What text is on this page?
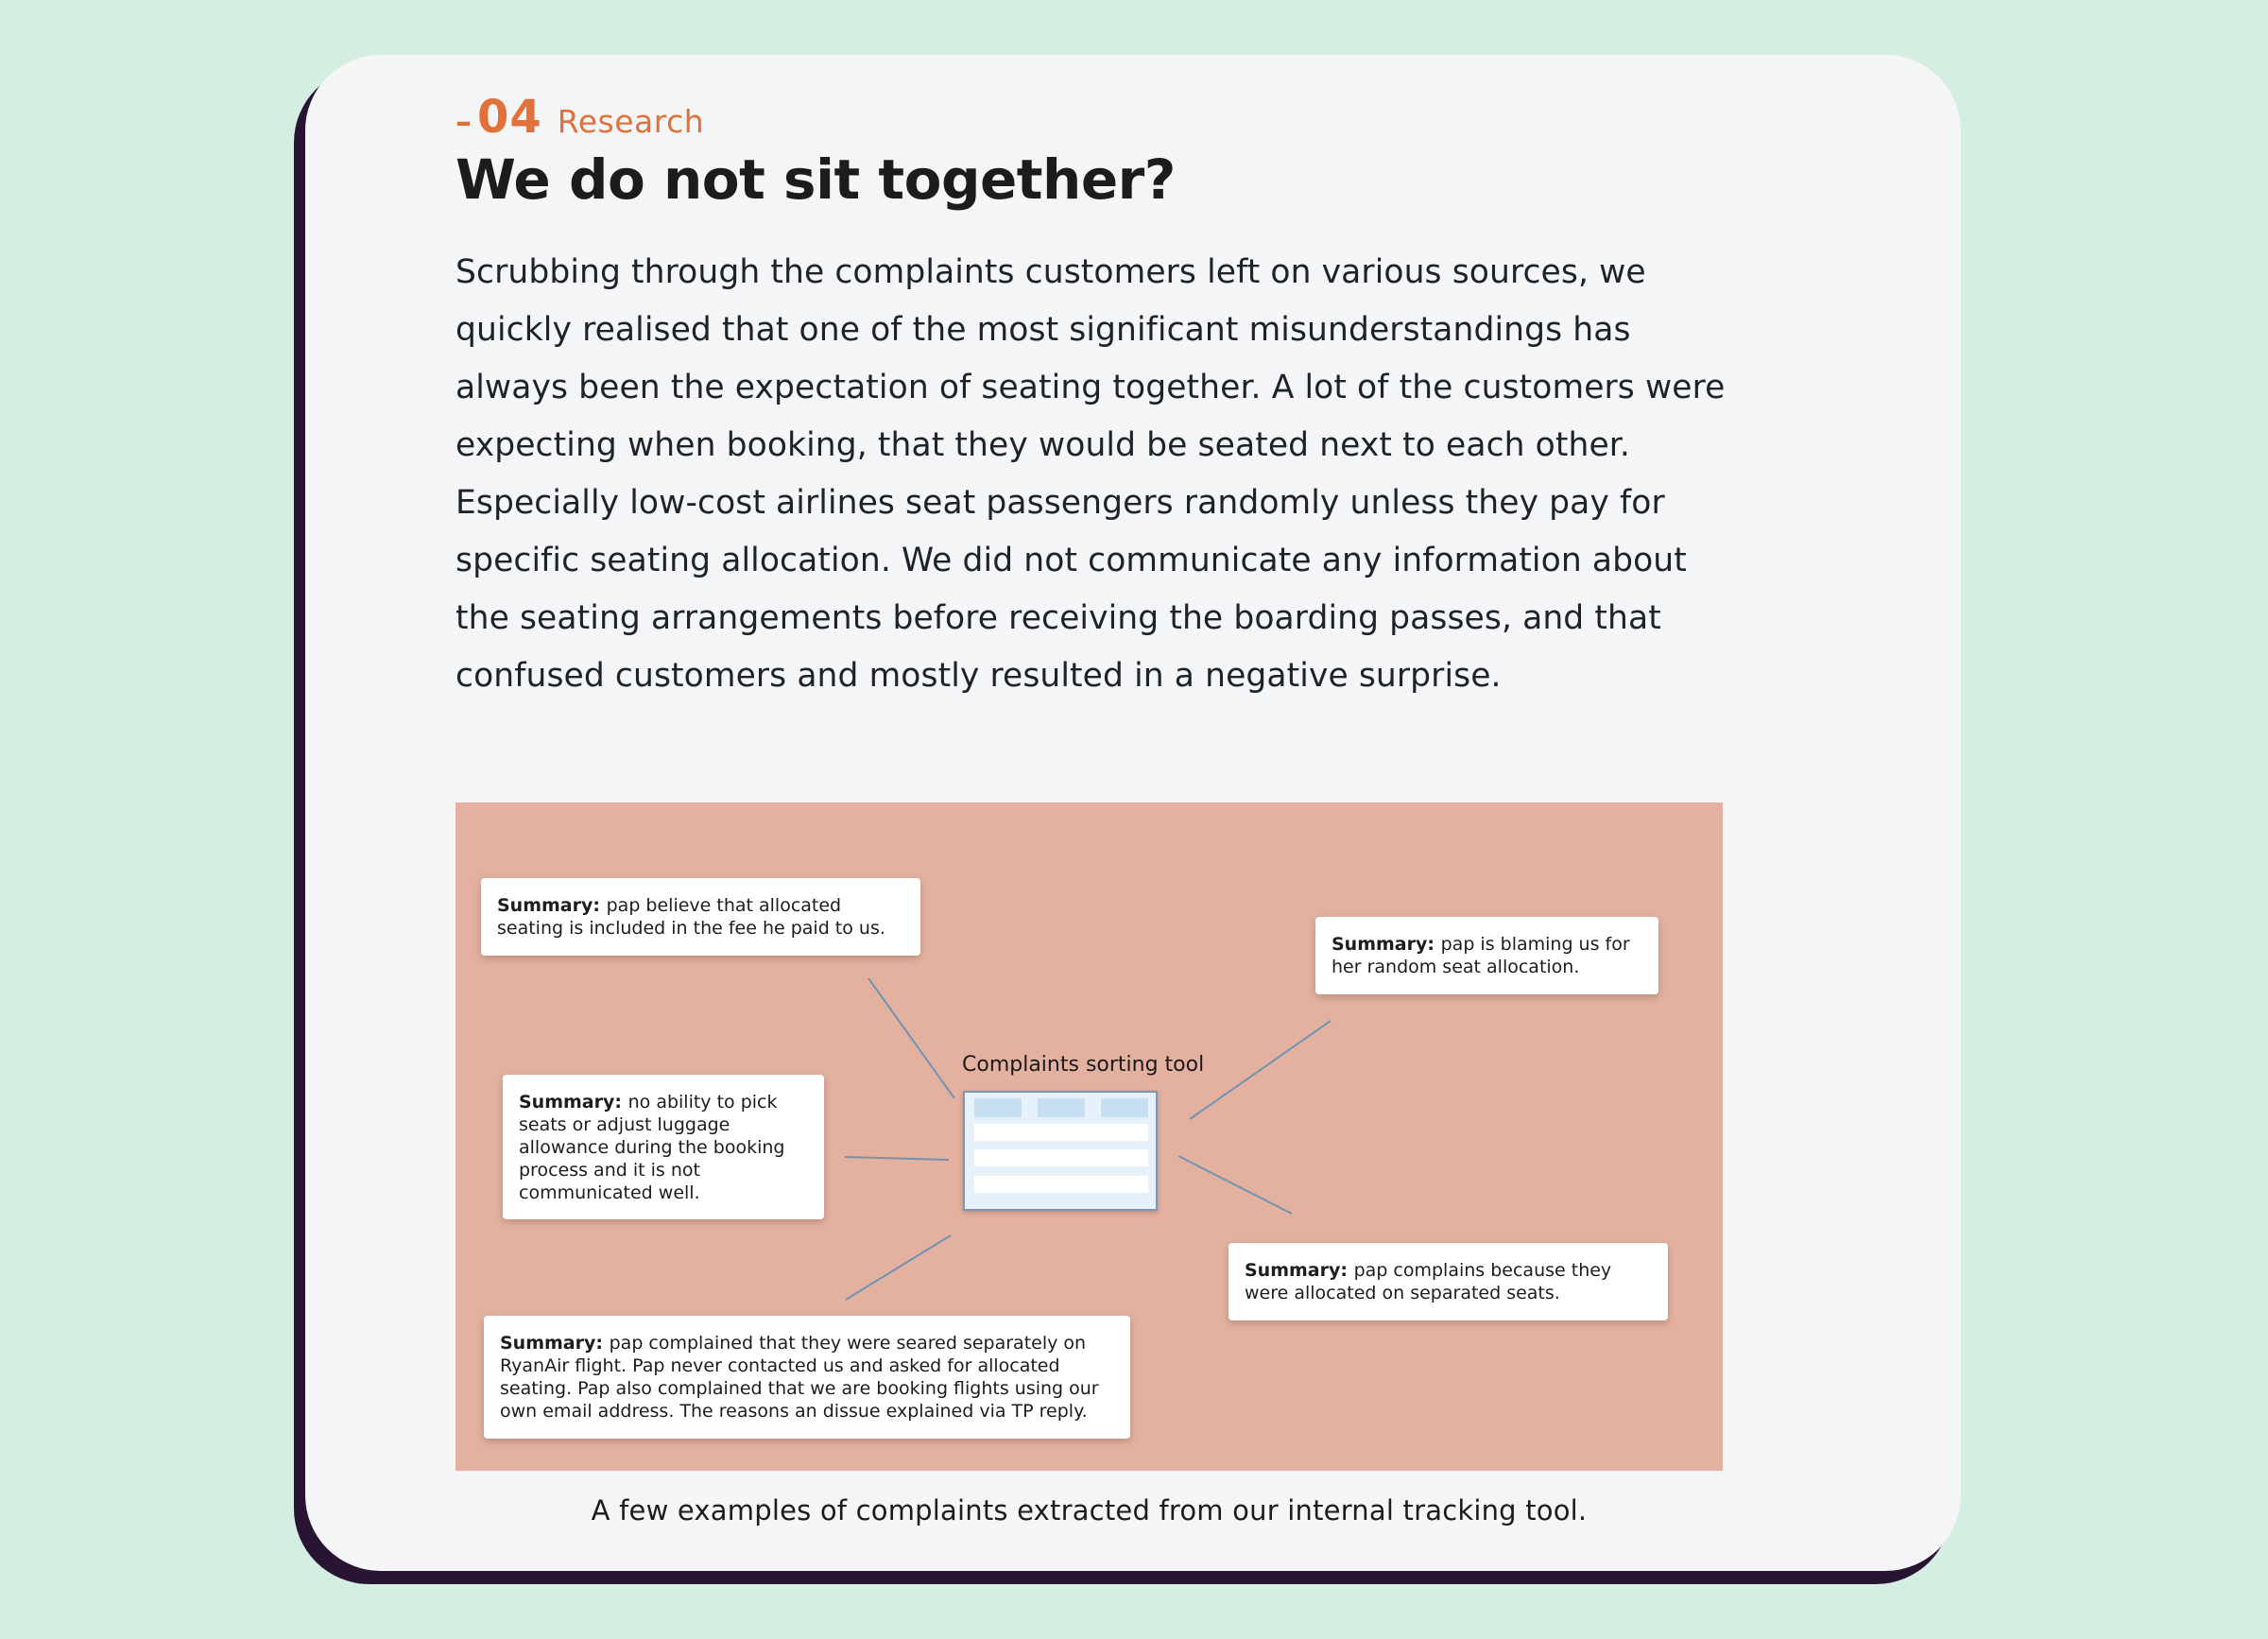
– 04 Research
We do not sit together?

Scrubbing through the complaints customers left on various sources, we quickly realised that one of the most significant misunderstandings has always been the expectation of seating together. A lot of the customers were expecting when booking, that they would be seated next to each other. Especially low-cost airlines seat passengers randomly unless they pay for specific seating allocation. We did not communicate any information about the seating arrangements before receiving the boarding passes, and that confused customers and mostly resulted in a negative surprise.

Summary: pap believe that allocated seating is included in the fee he paid to us.
Summary: pap is blaming us for her random seat allocation.
Summary: no ability to pick seats or adjust luggage allowance during the booking process and it is not communicated well.
Summary: pap complains because they were allocated on separated seats.
Summary: pap complained that they were seared separately on RyanAir flight. Pap never contacted us and asked for allocated seating. Pap also complained that we are booking flights using our own email address. The reasons an dissue explained via TP reply.
Complaints sorting tool
A few examples of complaints extracted from our internal tracking tool.
